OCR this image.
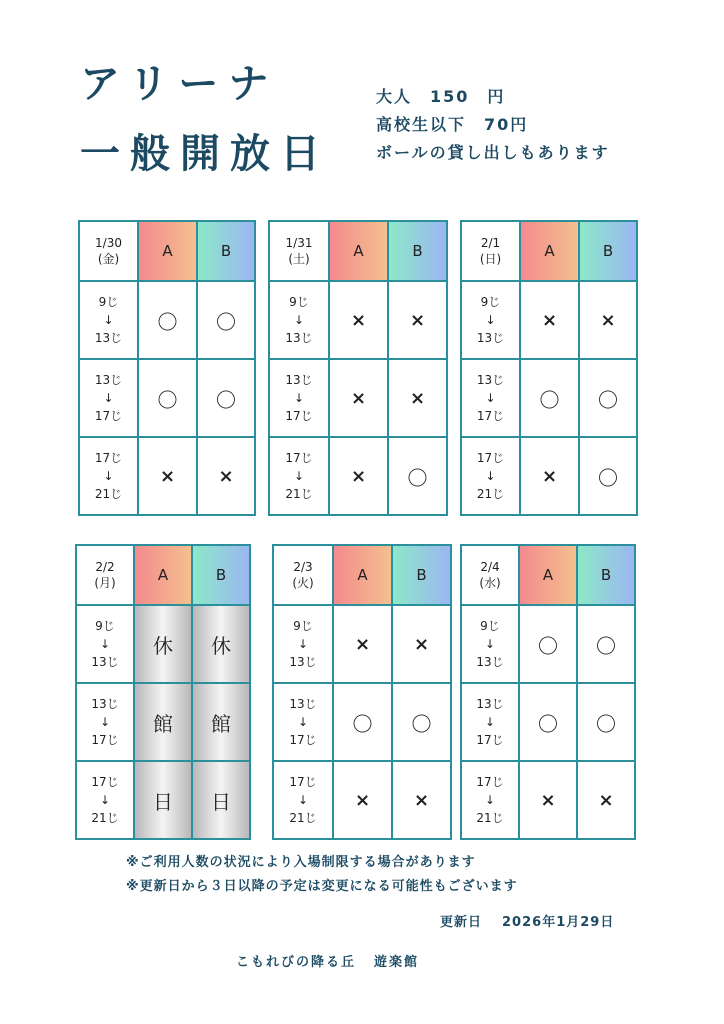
アリーナ
一般開放日
大人　150　円
高校生以下　70円
ボールの貸し出しもあります
1/30
(金)	A	B

9じ
↓
13じ	〇	〇

13じ
↓
17じ	〇	〇

17じ
↓
21じ	×	×
1/31
(土)	A	B

9じ
↓
13じ	×	×

13じ
↓
17じ	×	×

17じ
↓
21じ	×	〇
2/1
(日)	A	B

9じ
↓
13じ	×	×

13じ
↓
17じ	〇	〇

17じ
↓
21じ	×	〇
2/2
(月)	A	B

9じ
↓
13じ	休	休

13じ
↓
17じ	館	館

17じ
↓
21じ	日	日
2/3
(火)	A	B

9じ
↓
13じ	×	×

13じ
↓
17じ	〇	〇

17じ
↓
21じ	×	×
2/4
(水)	A	B

9じ
↓
13じ	〇	〇

13じ
↓
17じ	〇	〇

17じ
↓
21じ	×	×
※ご利用人数の状況により入場制限する場合があります
※更新日から３日以降の予定は変更になる可能性もございます
更新日 2026年1月29日
こもれびの降る丘 遊楽館
